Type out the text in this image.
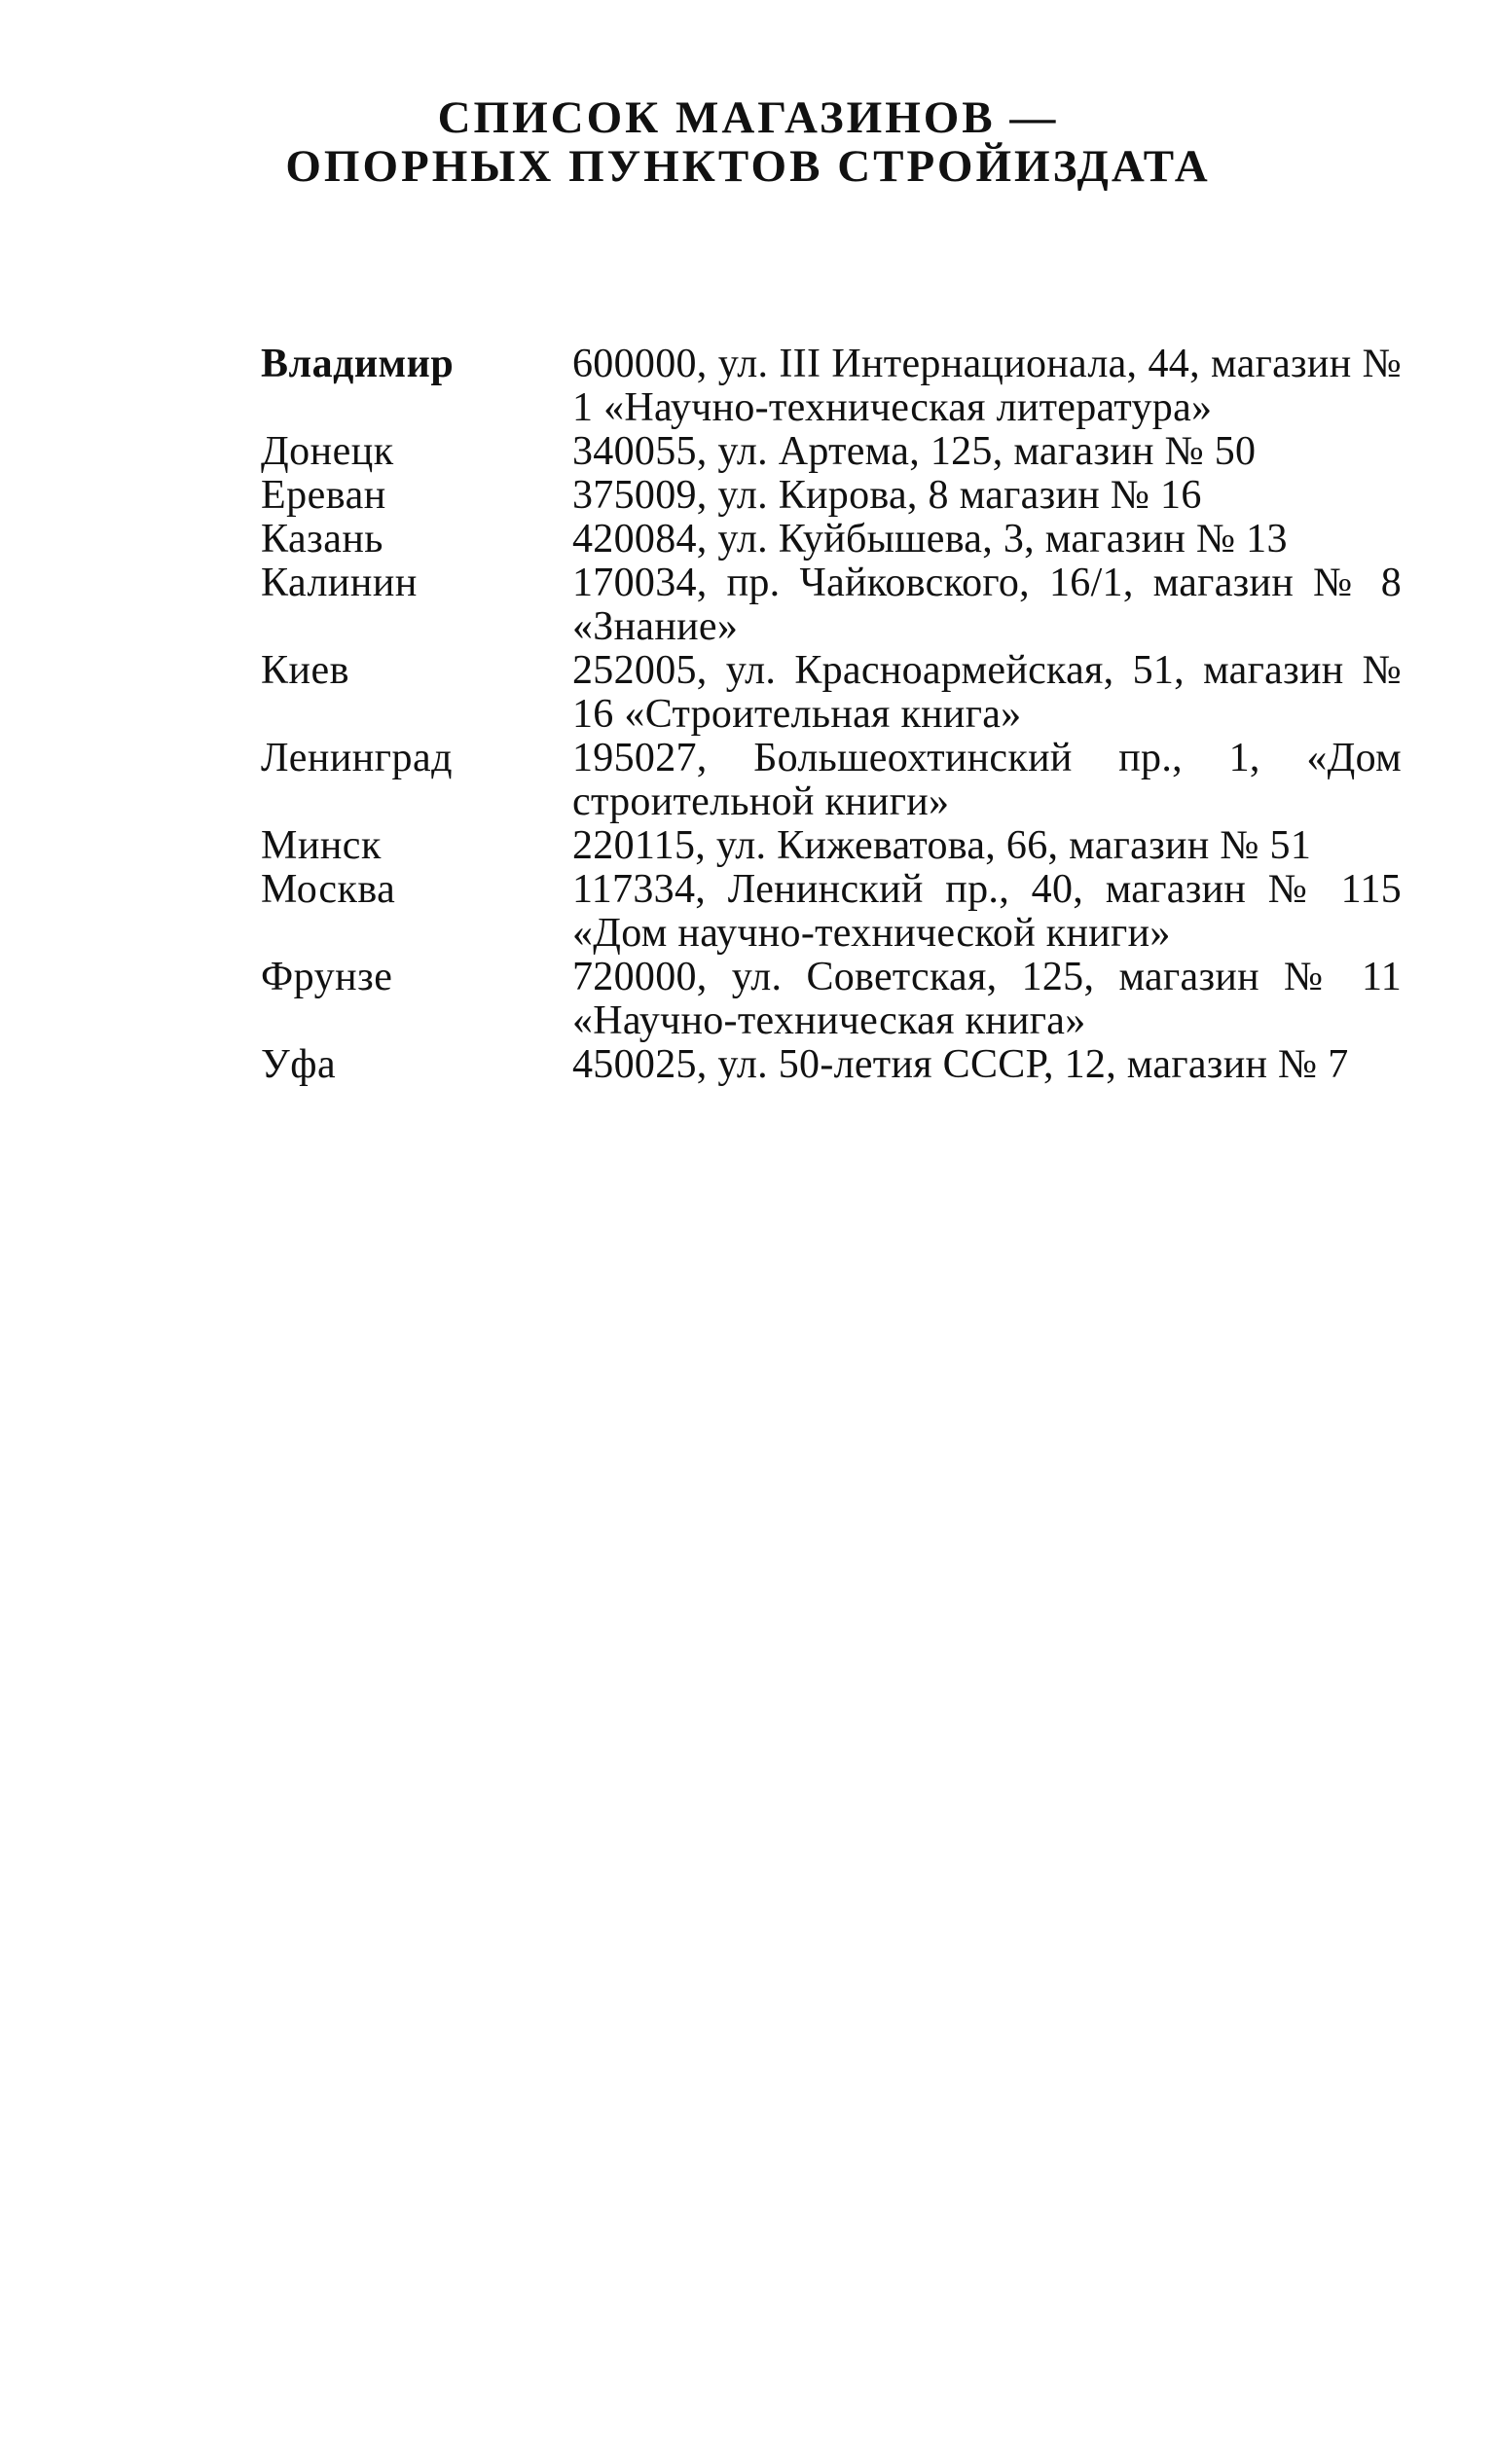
СПИСОК МАГАЗИНОВ —
ОПОРНЫХ ПУНКТОВ СТРОЙИЗДАТА
Владимир	600000, ул. III Интернационала, 44, магазин № 1 «Научно-техническая литература»
Донецк	340055, ул. Артема, 125, магазин № 50
Ереван	375009, ул. Кирова, 8 магазин № 16
Казань	420084, ул. Куйбышева, 3, магазин № 13
Калинин	170034, пр. Чайковского, 16/1, магазин № 8 «Знание»
Киев	252005, ул. Красноармейская, 51, магазин № 16 «Строительная книга»
Ленинград	195027, Большеохтинский пр., 1, «Дом строительной книги»
Минск	220115, ул. Кижеватова, 66, магазин № 51
Москва	117334, Ленинский пр., 40, магазин № 115 «Дом научно-технической книги»
Фрунзе	720000, ул. Советская, 125, магазин № 11 «Научно-техническая книга»
Уфа	450025, ул. 50-летия СССР, 12, магазин № 7
